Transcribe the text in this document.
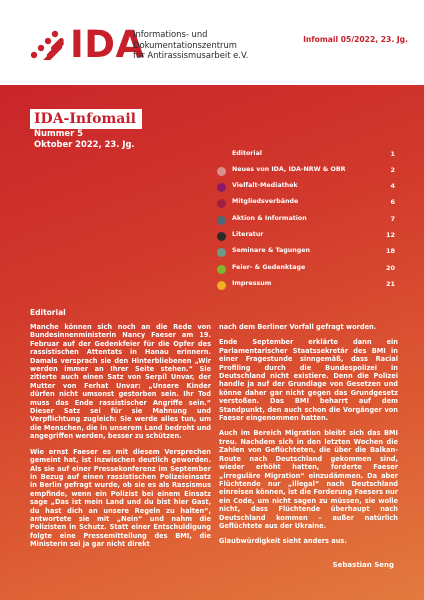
IDA
Informations- und
Dokumentationszentrum
für Antirassismusarbeit e.V.
Infomail 05/2022, 23. Jg.
IDA-Infomail
Nummer 5
Oktober 2022, 23. Jg.
Editorial	1
Neues von IDA, IDA-NRW & OBR	2
Vielfalt-Mediathek	4
Mitgliedsverbände	6
Aktion & Information	7
Literatur	12
Seminare & Tagungen	18
Feier- & Gedenktage	20
Impressum	21
Editorial

Manche können sich noch an die Rede von Bundesinnenministerin Nancy Faeser am 19. Februar auf der Gedenkfeier für die Opfer des rassistischen Attentats in Hanau erinnern. Damals versprach sie den Hinterbliebenen „Wir werden immer an Ihrer Seite stehen.“ Sie zitierte auch einen Satz von Serpil Unvar, der Mutter von Ferhat Unvar: „Unsere Kinder dürfen nicht umsonst gestorben sein. Ihr Tod muss das Ende rassistischer Angriffe sein.“ Dieser Satz sei für sie Mahnung und Verpflichtung zugleich: Sie werde alles tun, um die Menschen, die in unserem Land bedroht und angegriffen werden, besser zu schützen.

Wie ernst Faeser es mit diesem Versprechen gemeint hat, ist inzwischen deutlich geworden. Als sie auf einer Pressekonferenz im September in Bezug auf einen rassistischen Polizeieinsatz in Berlin gefragt wurde, ob sie es als Rassismus empfinde, wenn ein Polizist bei einem Einsatz sage „Das ist mein Land und du bist hier Gast, du hast dich an unsere Regeln zu halten“, antwortete sie mit „Nein“ und nahm die Polizisten in Schutz. Statt einer Entschuldigung folgte eine Pressemitteilung des BMI, die Ministerin sei ja gar nicht direkt

nach dem Berliner Vorfall gefragt worden.

Ende September erklärte dann ein Parlamentarischer Staatssekretär des BMI in einer Fragestunde sinngemäß, dass Racial Profiling durch die Bundespolizei in Deutschland nicht existiere. Denn die Polizei handle ja auf der Grundlage von Gesetzen und könne daher gar nicht gegen das Grundgesetz verstoßen. Das BMI beharrt auf dem Standpunkt, den auch schon die Vorgänger von Faeser eingenommen hatten.

Auch im Bereich Migration bleibt sich das BMI treu. Nachdem sich in den letzten Wochen die Zahlen von Geflüchteten, die über die Balkan-Route nach Deutschland gekommen sind, wieder erhöht hatten, forderte Faeser „irreguläre Migration“ einzudämmen. Da aber Flüchtende nur „illegal“ nach Deutschland einreisen können, ist die Forderung Faesers nur ein Code, um nicht sagen zu müssen, sie wolle nicht, dass Flüchtende überhaupt nach Deutschland kommen – außer natürlich Geflüchtete aus der Ukraine.

Glaubwürdigkeit sieht anders aus.

Sebastian Seng
